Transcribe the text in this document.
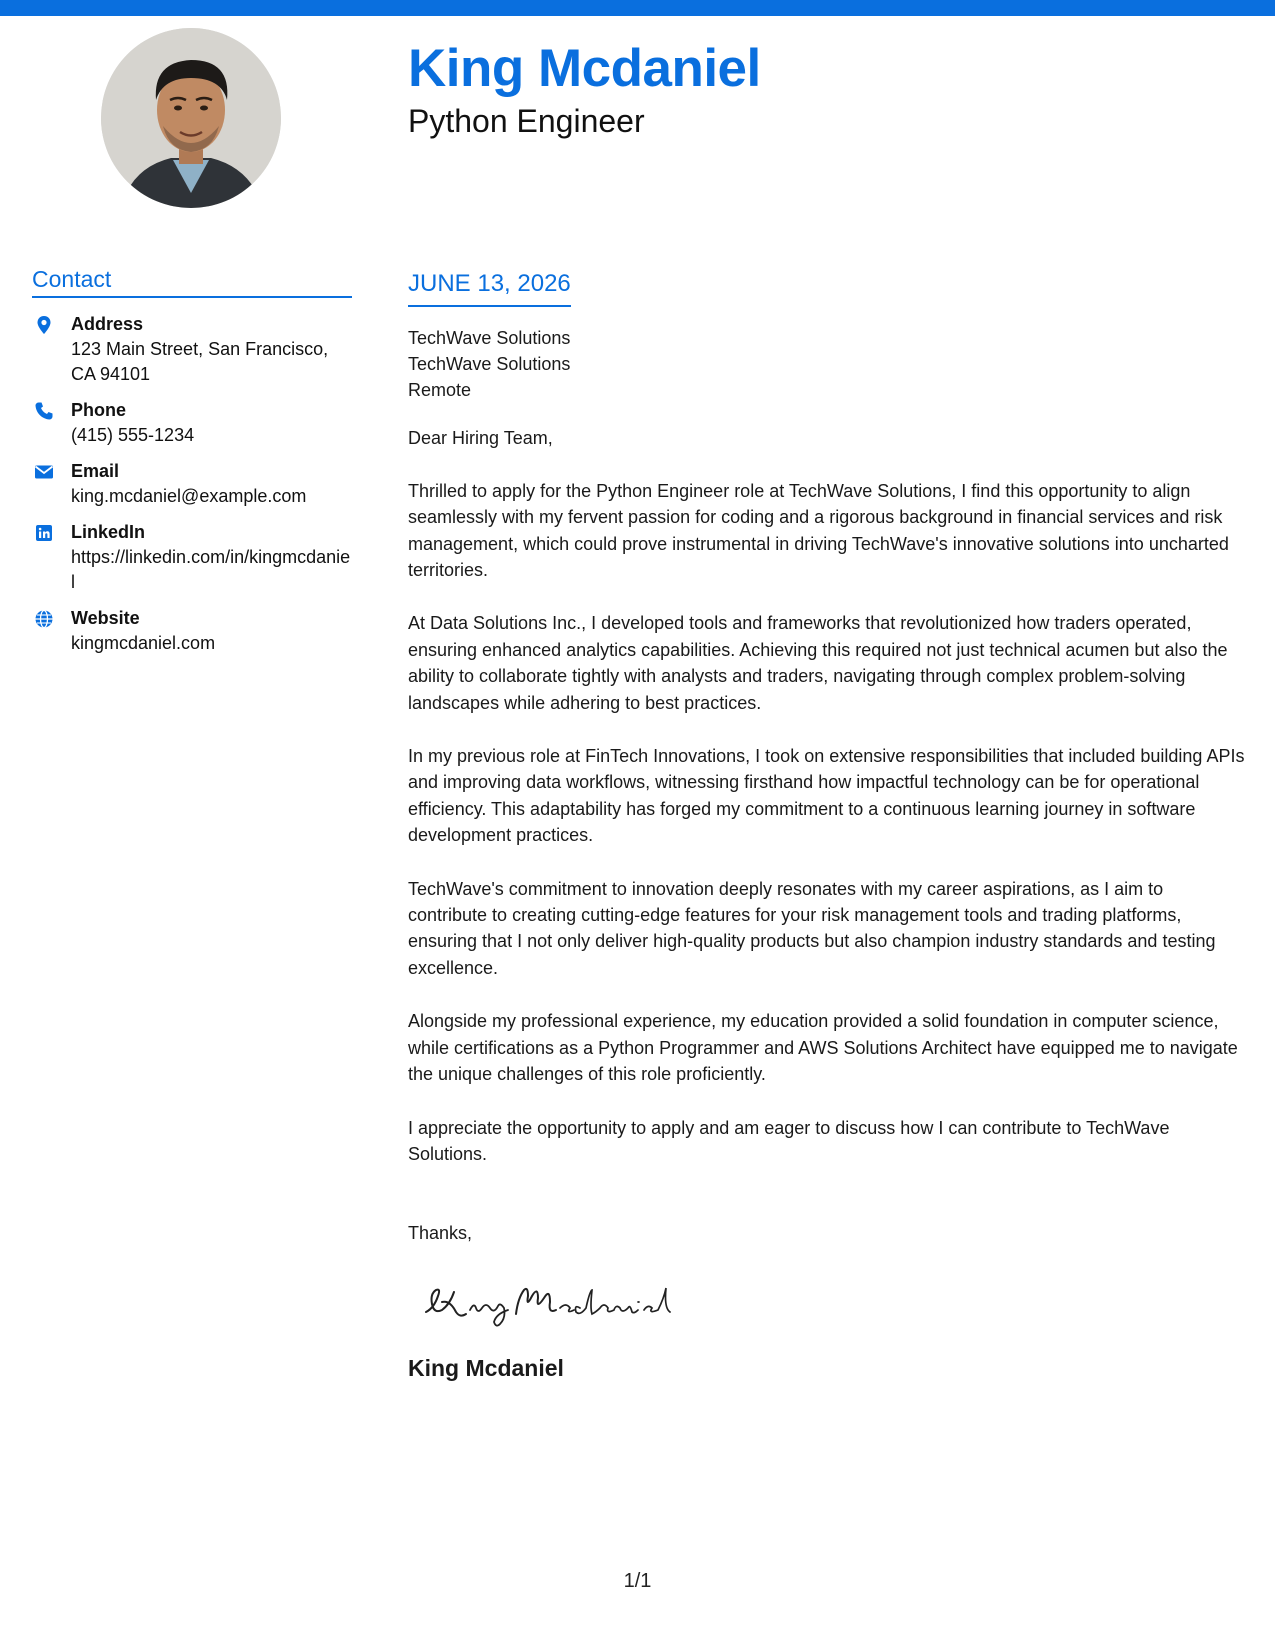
King Mcdaniel
Python Engineer
Contact
Address
123 Main Street, San Francisco, CA 94101
Phone
(415) 555-1234
Email
king.mcdaniel@example.com
LinkedIn
https://linkedin.com/in/kingmcdaniel
Website
kingmcdaniel.com
JUNE 13, 2026
TechWave Solutions
TechWave Solutions
Remote
Dear Hiring Team,

Thrilled to apply for the Python Engineer role at TechWave Solutions, I find this opportunity to align seamlessly with my fervent passion for coding and a rigorous background in financial services and risk management, which could prove instrumental in driving TechWave's innovative solutions into uncharted territories.

At Data Solutions Inc., I developed tools and frameworks that revolutionized how traders operated, ensuring enhanced analytics capabilities. Achieving this required not just technical acumen but also the ability to collaborate tightly with analysts and traders, navigating through complex problem-solving landscapes while adhering to best practices.

In my previous role at FinTech Innovations, I took on extensive responsibilities that included building APIs and improving data workflows, witnessing firsthand how impactful technology can be for operational efficiency. This adaptability has forged my commitment to a continuous learning journey in software development practices.

TechWave's commitment to innovation deeply resonates with my career aspirations, as I aim to contribute to creating cutting-edge features for your risk management tools and trading platforms, ensuring that I not only deliver high-quality products but also champion industry standards and testing excellence.

Alongside my professional experience, my education provided a solid foundation in computer science, while certifications as a Python Programmer and AWS Solutions Architect have equipped me to navigate the unique challenges of this role proficiently.

I appreciate the opportunity to apply and am eager to discuss how I can contribute to TechWave Solutions.

Thanks,
King Mcdaniel
1/1
